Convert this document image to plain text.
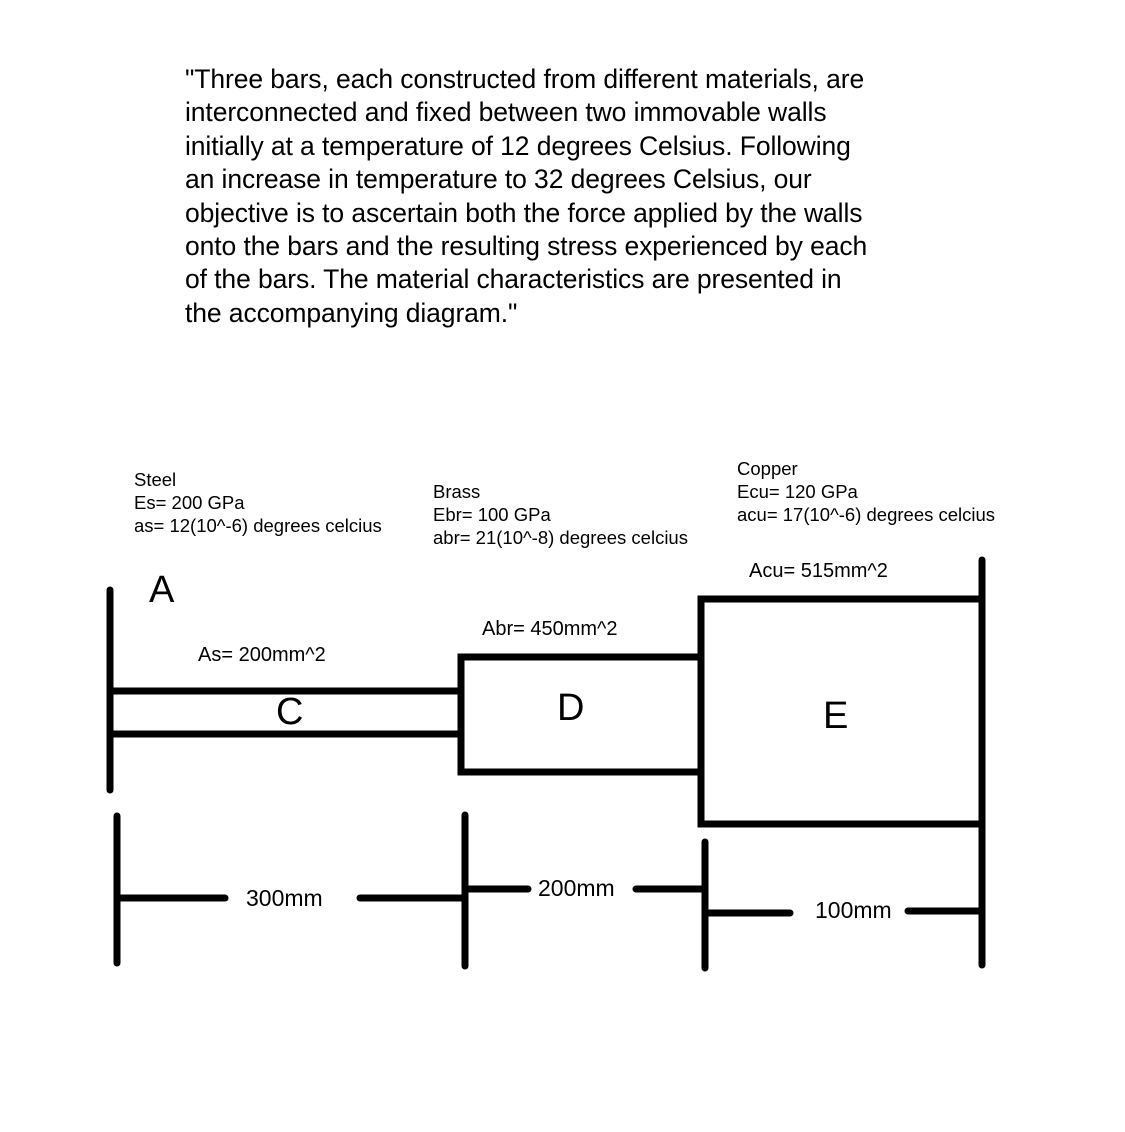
"Three bars, each constructed from different materials, are
interconnected and fixed between two immovable walls
initially at a temperature of 12 degrees Celsius. Following
an increase in temperature to 32 degrees Celsius, our
objective is to ascertain both the force applied by the walls
onto the bars and the resulting stress experienced by each
of the bars. The material characteristics are presented in
the accompanying diagram."
Steel
Es= 200 GPa
as= 12(10^-6) degrees celcius
Brass
Ebr= 100 GPa
abr= 21(10^-8) degrees celcius
Copper
Ecu= 120 GPa
acu= 17(10^-6) degrees celcius
A
As= 200mm^2
Abr= 450mm^2
Acu= 515mm^2
C	D	E
300mm	200mm
100mm
